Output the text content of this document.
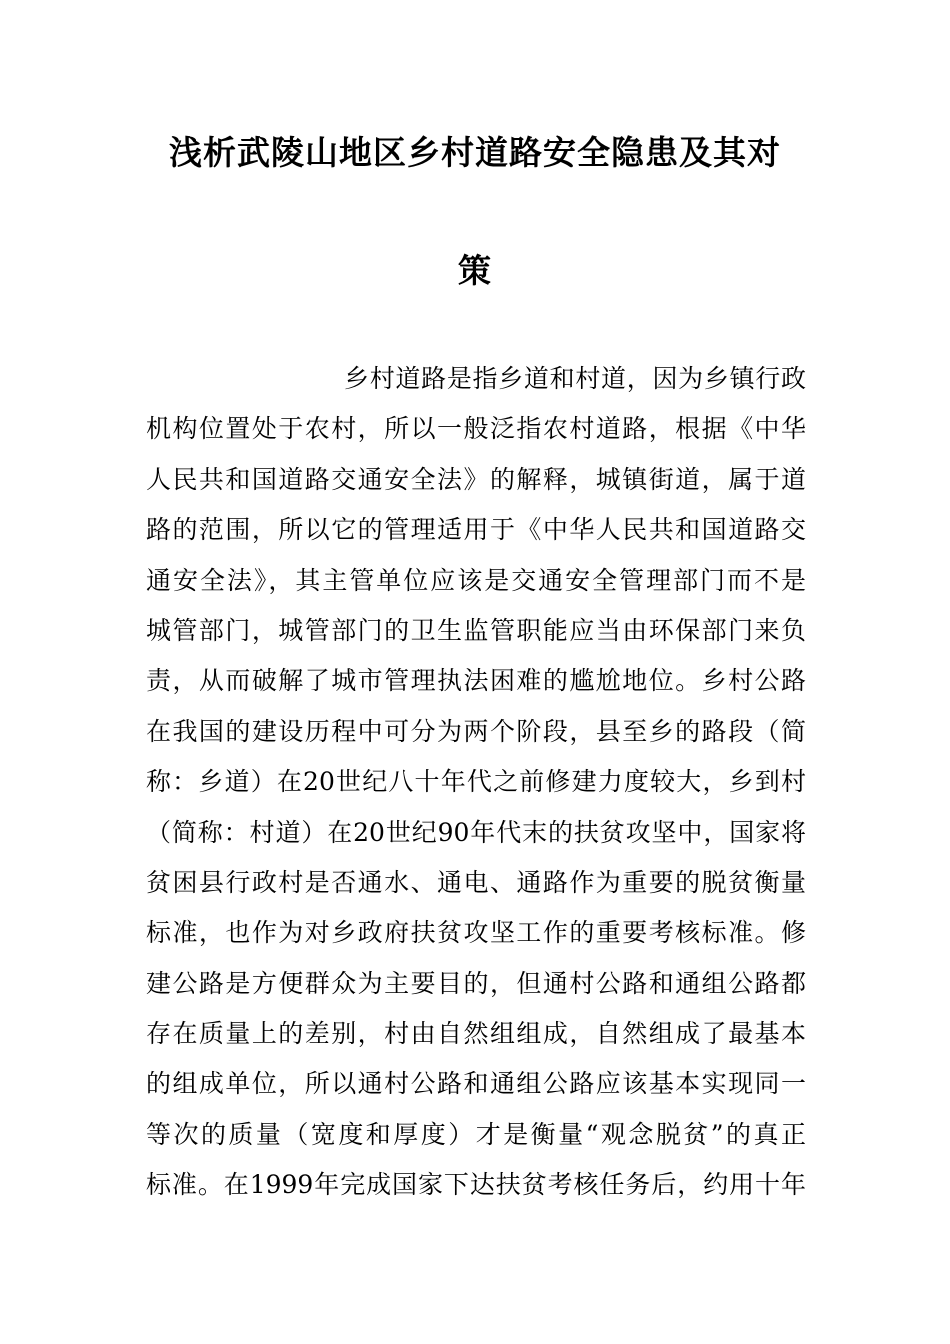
浅析武陵山地区乡村道路安全隐患及其对
策
乡村道路是指乡道和村道，因为乡镇行政
机构位置处于农村，所以一般泛指农村道路，根据《中华
人民共和国道路交通安全法》的解释，城镇街道，属于道
路的范围，所以它的管理适用于《中华人民共和国道路交
通安全法》，其主管单位应该是交通安全管理部门而不是
城管部门，城管部门的卫生监管职能应当由环保部门来负
责，从而破解了城市管理执法困难的尴尬地位。乡村公路
在我国的建设历程中可分为两个阶段，县至乡的路段（简
称：乡道）在20世纪八十年代之前修建力度较大，乡到村
（简称：村道）在20世纪90年代末的扶贫攻坚中，国家将
贫困县行政村是否通水、通电、通路作为重要的脱贫衡量
标准，也作为对乡政府扶贫攻坚工作的重要考核标准。修
建公路是方便群众为主要目的，但通村公路和通组公路都
存在质量上的差别，村由自然组组成，自然组成了最基本
的组成单位，所以通村公路和通组公路应该基本实现同一
等次的质量（宽度和厚度）才是衡量“观念脱贫”的真正
标准。在1999年完成国家下达扶贫考核任务后，约用十年
